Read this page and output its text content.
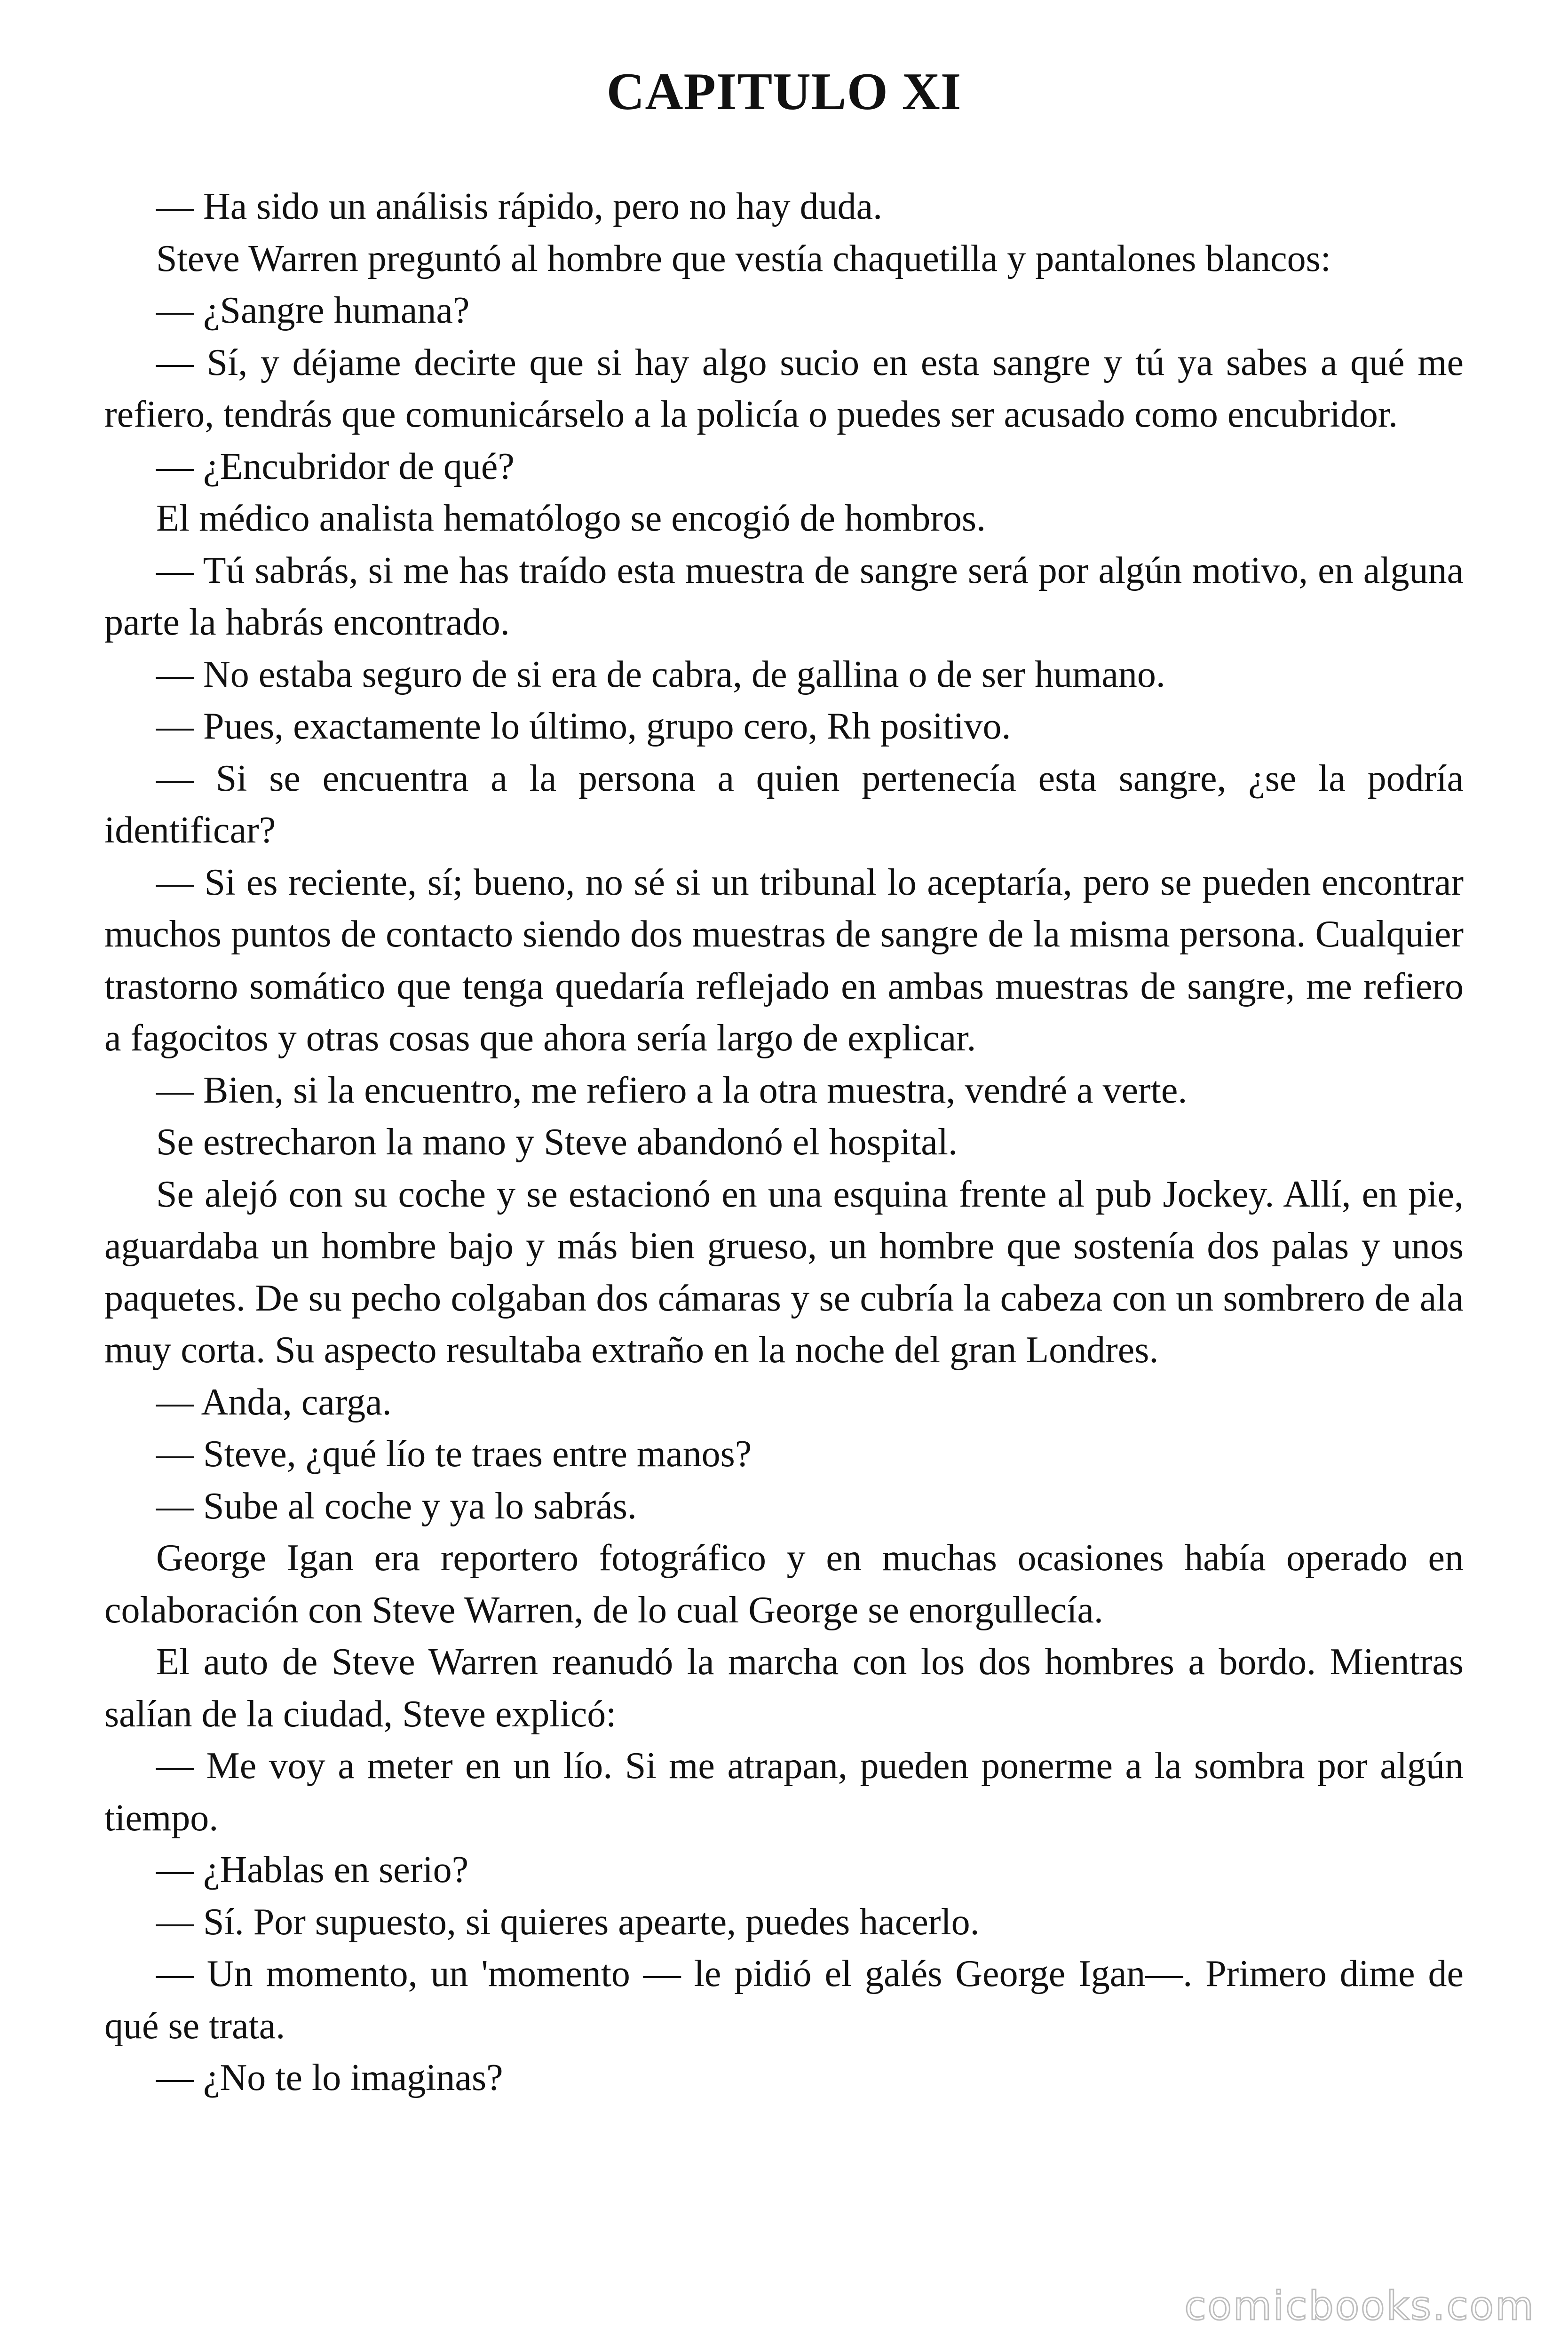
CAPITULO XI

— Ha sido un análisis rápido, pero no hay duda.

Steve Warren preguntó al hombre que vestía chaquetilla y pantalones blancos:

— ¿Sangre humana?

— Sí, y déjame decirte que si hay algo sucio en esta sangre y tú ya sabes a qué me refiero, tendrás que comunicárselo a la policía o puedes ser acusado como encubridor.

— ¿Encubridor de qué?

El médico analista hematólogo se encogió de hombros.

— Tú sabrás, si me has traído esta muestra de sangre será por algún motivo, en alguna parte la habrás encontrado.

— No estaba seguro de si era de cabra, de gallina o de ser humano.

— Pues, exactamente lo último, grupo cero, Rh positivo.

— Si se encuentra a la persona a quien pertenecía esta sangre, ¿se la podría identificar?

— Si es reciente, sí; bueno, no sé si un tribunal lo aceptaría, pero se pueden encontrar muchos puntos de contacto siendo dos muestras de sangre de la misma persona. Cualquier trastorno somático que tenga quedaría reflejado en ambas muestras de sangre, me refiero a fagocitos y otras cosas que ahora sería largo de explicar.

— Bien, si la encuentro, me refiero a la otra muestra, vendré a verte.

Se estrecharon la mano y Steve abandonó el hospital.

Se alejó con su coche y se estacionó en una esquina frente al pub Jockey. Allí, en pie, aguardaba un hombre bajo y más bien grueso, un hombre que sostenía dos palas y unos paquetes. De su pecho colgaban dos cámaras y se cubría la cabeza con un sombrero de ala muy corta. Su aspecto resultaba extraño en la noche del gran Londres.

— Anda, carga.

— Steve, ¿qué lío te traes entre manos?

— Sube al coche y ya lo sabrás.

George Igan era reportero fotográfico y en muchas ocasiones había operado en colaboración con Steve Warren, de lo cual George se enorgullecía.

El auto de Steve Warren reanudó la marcha con los dos hombres a bordo. Mientras salían de la ciudad, Steve explicó:

— Me voy a meter en un lío. Si me atrapan, pueden ponerme a la sombra por algún tiempo.

— ¿Hablas en serio?

— Sí. Por supuesto, si quieres apearte, puedes hacerlo.

— Un momento, un 'momento — le pidió el galés George Igan—. Primero dime de qué se trata.

— ¿No te lo imaginas?

comicbooks.com
